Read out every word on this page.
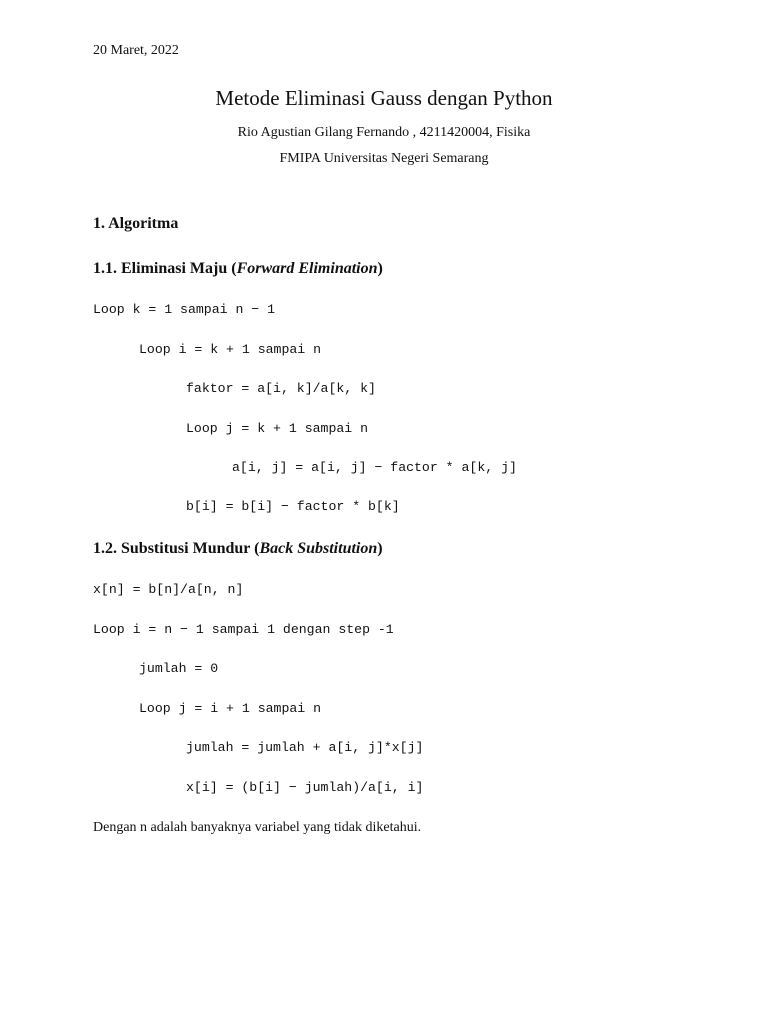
20 Maret, 2022
Metode Eliminasi Gauss dengan Python
Rio Agustian Gilang Fernando , 4211420004, Fisika
FMIPA Universitas Negeri Semarang
1. Algoritma
1.1. Eliminasi Maju (Forward Elimination)
Loop k = 1 sampai n − 1
Loop i = k + 1 sampai n
faktor = a[i, k]/a[k, k]
Loop j = k + 1 sampai n
a[i, j] = a[i, j] − factor * a[k, j]
b[i] = b[i] − factor * b[k]
1.2. Substitusi Mundur (Back Substitution)
x[n] = b[n]/a[n, n]
Loop i = n − 1 sampai 1 dengan step -1
jumlah = 0
Loop j = i + 1 sampai n
jumlah = jumlah + a[i, j]*x[j]
x[i] = (b[i] − jumlah)/a[i, i]
Dengan n adalah banyaknya variabel yang tidak diketahui.
